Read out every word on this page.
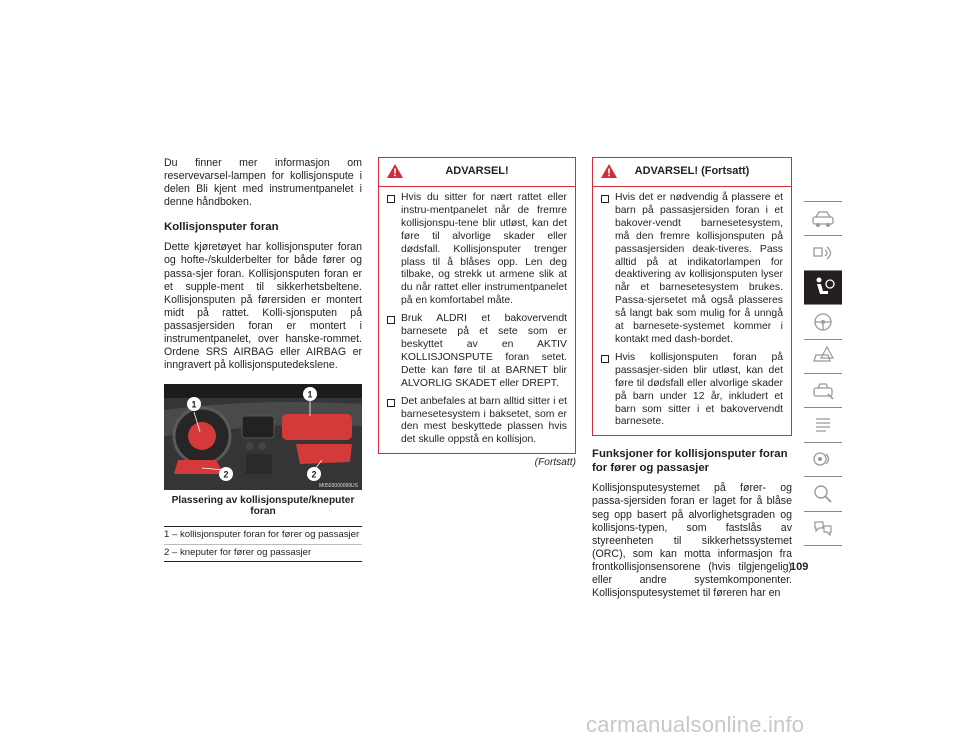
Du finner mer informasjon om reservevarsel-lampen for kollisjonspute i delen Bli kjent med instrumentpanelet i denne håndboken.

Kollisjonsputer foran

Dette kjøretøyet har kollisjonsputer foran og hofte-/skulderbelter for både fører og passa-sjer foran. Kollisjonsputen foran er et supple-ment til sikkerhetsbeltene. Kollisjonsputen på førersiden er montert midt på rattet. Kolli-sjonsputen på passasjersiden foran er montert i instrumentpanelet, over hanske-rommet. Ordene SRS AIRBAG eller AIRBAG er inngravert på kollisjonsputedekslene.

1
1
2	2
M0503000099US
Plassering av kollisjonspute/kneputer foran
1 – kollisjonsputer foran for fører og passasjer
2 – kneputer for fører og passasjer
ADVARSEL!

Hvis du sitter for nært rattet eller instru-mentpanelet når de fremre kollisjonspu-tene blir utløst, kan det føre til alvorlige skader eller dødsfall. Kollisjonsputer trenger plass til å blåses opp. Len deg tilbake, og strekk ut armene slik at du når rattet eller instrumentpanelet på en komfortabel måte.

Bruk ALDRI et bakovervendt barnesete på et sete som er beskyttet av en AKTIV KOLLISJONSPUTE foran setet. Dette kan føre til at BARNET blir ALVORLIG SKADET eller DREPT.

Det anbefales at barn alltid sitter i et barnesetesystem i baksetet, som er den mest beskyttede plassen hvis det skulle oppstå en kollisjon.

(Fortsatt)
ADVARSEL! (Fortsatt)

Hvis det er nødvendig å plassere et barn på passasjersiden foran i et bakover-vendt barnesetesystem, må den fremre kollisjonsputen på passasjersiden deak-tiveres. Pass alltid på at indikatorlampen for deaktivering av kollisjonsputen lyser når et barnesetesystem brukes. Passa-sjersetet må også plasseres så langt bak som mulig for å unngå at barnesete-systemet kommer i kontakt med dash-bordet.

Hvis kollisjonsputen foran på passasjer-siden blir utløst, kan det føre til dødsfall eller alvorlige skader på barn under 12 år, inkludert et barn som sitter i et bakovervendt barnesete.

Funksjoner for kollisjonsputer foran for fører og passasjer

Kollisjonsputesystemet på fører- og passa-sjersiden foran er laget for å blåse seg opp basert på alvorlighetsgraden og kollisjons-typen, som fastslås av styreenheten til sikkerhetssystemet (ORC), som kan motta informasjon fra frontkollisjonsensorene (hvis tilgjengelig) eller andre systemkomponenter. Kollisjonsputesystemet til føreren har en

109
carmanualsonline.info
